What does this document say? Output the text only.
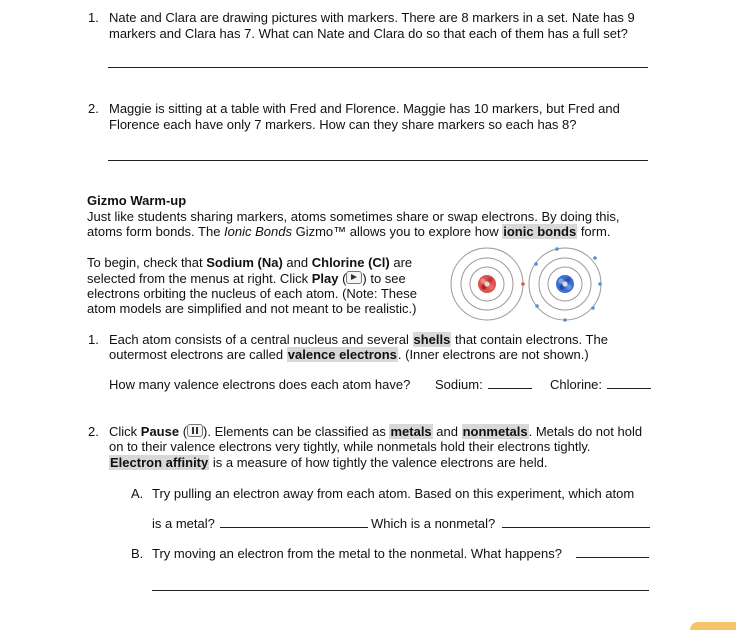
1. Nate and Clara are drawing pictures with markers. There are 8 markers in a set. Nate has 9
markers and Clara has 7. What can Nate and Clara do so that each of them has a full set?
2. Maggie is sitting at a table with Fred and Florence. Maggie has 10 markers, but Fred and
Florence each have only 7 markers. How can they share markers so each has 8?
Gizmo Warm-up
Just like students sharing markers, atoms sometimes share or swap electrons. By doing this,
atoms form bonds. The Ionic Bonds Gizmo™ allows you to explore how ionic bonds form.
To begin, check that Sodium (Na) and Chlorine (Cl) are
selected from the menus at right. Click Play ( ) to see
electrons orbiting the nucleus of each atom. (Note: These
atom models are simplified and not meant to be realistic.)
1. Each atom consists of a central nucleus and several shells that contain electrons. The
outermost electrons are called valence electrons. (Inner electrons are not shown.)
How many valence electrons does each atom have? Sodium:	Chlorine:
2. Click Pause ( ). Elements can be classified as metals and nonmetals. Metals do not hold
on to their valence electrons very tightly, while nonmetals hold their electrons tightly.
Electron affinity is a measure of how tightly the valence electrons are held.
A. Try pulling an electron away from each atom. Based on this experiment, which atom
is a metal?	Which is a nonmetal?
B. Try moving an electron from the metal to the nonmetal. What happens?
